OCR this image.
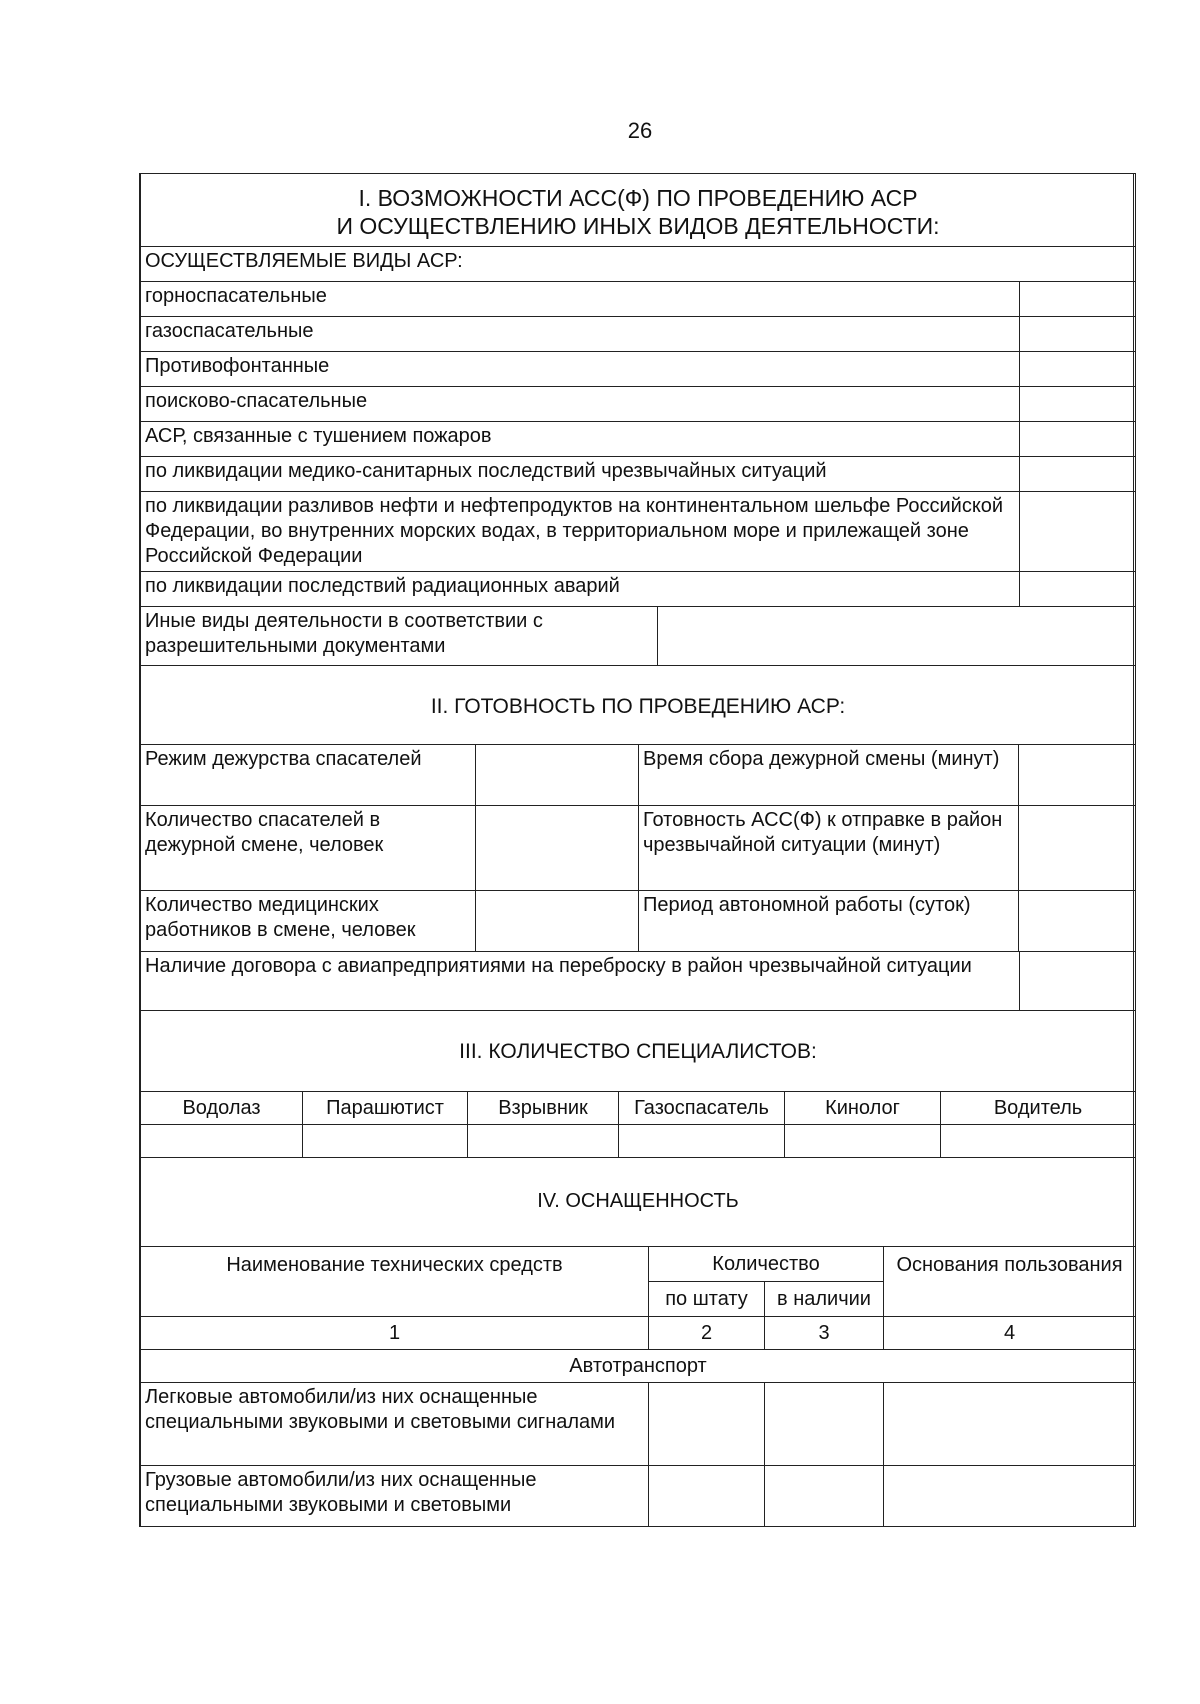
26
I. ВОЗМОЖНОСТИ АСС(Ф) ПО ПРОВЕДЕНИЮ АСР
И ОСУЩЕСТВЛЕНИЮ ИНЫХ ВИДОВ ДЕЯТЕЛЬНОСТИ:	

ОСУЩЕСТВЛЯЕМЫЕ ВИДЫ АСР:	
горноспасательные	
газоспасательные	
Противофонтанные	
поисково-спасательные	
АСР, связанные с тушением пожаров	
по ликвидации медико-санитарных последствий чрезвычайных ситуаций	
по ликвидации разливов нефти и нефтепродуктов на континентальном шельфе Российской Федерации, во внутренних морских водах, в территориальном море и прилежащей зоне Российской Федерации	
по ликвидации последствий радиационных аварий	
Иные виды деятельности в соответствии с разрешительными документами	
II. ГОТОВНОСТЬ ПО ПРОВЕДЕНИЮ АСР:			
Режим дежурства спасателей		Время сбора дежурной смены (минут)	
Количество спасателей в дежурной смене, человек		Готовность АСС(Ф) к отправке в район чрезвычайной ситуации (минут)	
Количество медицинских работников в смене, человек		Период автономной работы (суток)	
Наличие договора с авиапредприятиями на переброску в район чрезвычайной ситуации	
III. КОЛИЧЕСТВО СПЕЦИАЛИСТОВ:					
Водолаз	Парашютист	Взрывник	Газоспасатель	Кинолог	Водитель

IV. ОСНАЩЕННОСТЬ			
Наименование технических средств	Количество		Основания пользования
	по штату	в наличии	
1	2	3	4
Автотранспорт			
Легковые автомобили/из них оснащенные специальными звуковыми и световыми сигналами			
Грузовые автомобили/из них оснащенные специальными звуковыми и световыми			
